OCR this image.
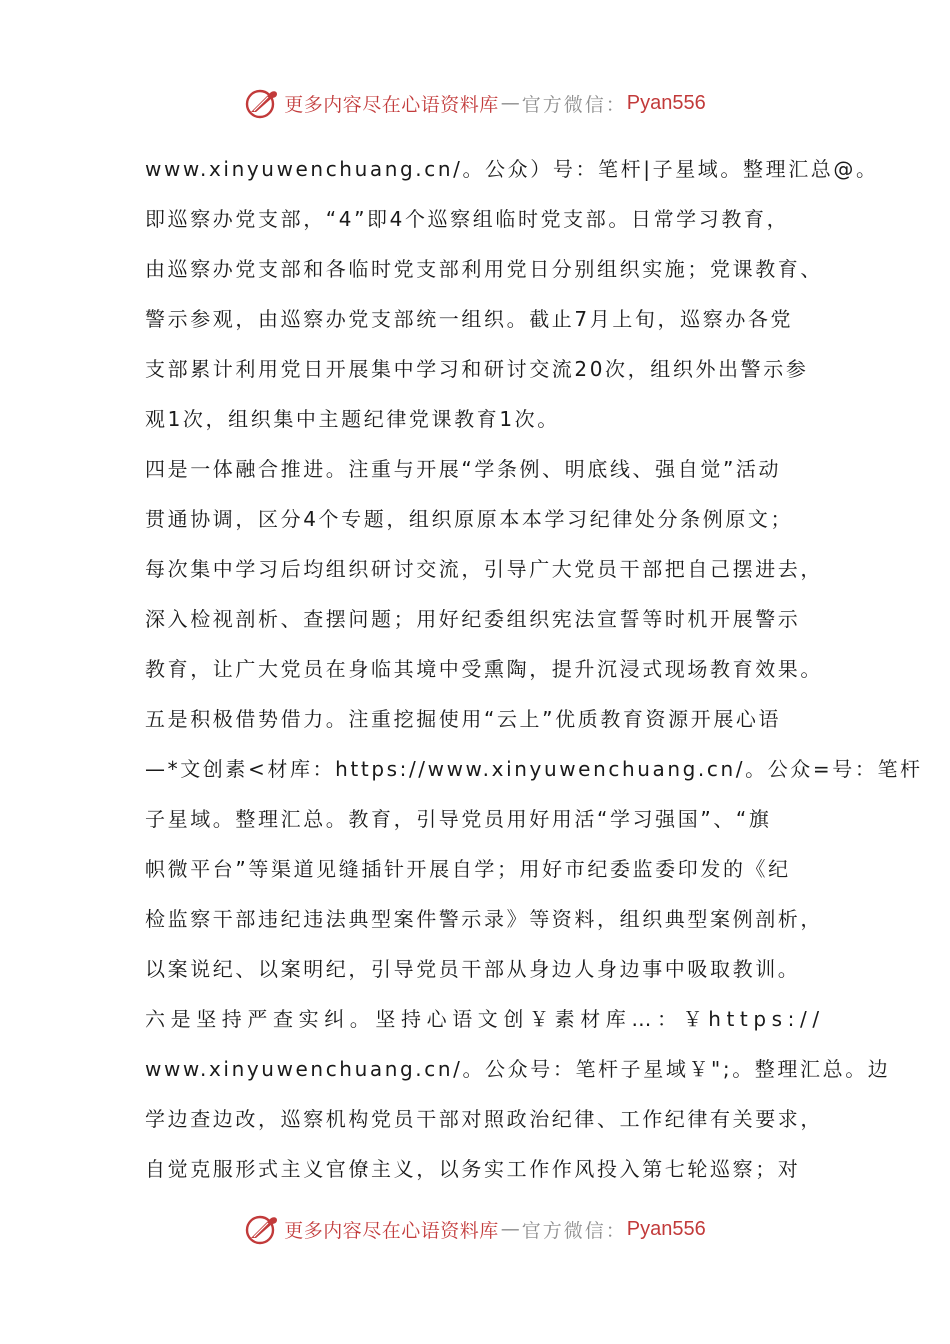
更多内容尽在心语资料库 — 官方微信： Pyan556
www.xinyuwenchuang.cn/。公众）号：笔杆|子星域。整理汇总@。
即巡察办党支部，“4”即4个巡察组临时党支部。日常学习教育，
由巡察办党支部和各临时党支部利用党日分别组织实施；党课教育、
警示参观，由巡察办党支部统一组织。截止7月上旬，巡察办各党
支部累计利用党日开展集中学习和研讨交流20次，组织外出警示参
观1次，组织集中主题纪律党课教育1次。
四是一体融合推进。注重与开展“学条例、明底线、强自觉”活动
贯通协调，区分4个专题，组织原原本本学习纪律处分条例原文；
每次集中学习后均组织研讨交流，引导广大党员干部把自己摆进去，
深入检视剖析、查摆问题；用好纪委组织宪法宣誓等时机开展警示
教育，让广大党员在身临其境中受熏陶，提升沉浸式现场教育效果。
五是积极借势借力。注重挖掘使用“云上”优质教育资源开展心语
—*文创素<材库：https://www.xinyuwenchuang.cn/。公众=号：笔杆
子星域。整理汇总。教育，引导党员用好用活“学习强国”、“旗
帜微平台”等渠道见缝插针开展自学；用好市纪委监委印发的《纪
检监察干部违纪违法典型案件警示录》等资料，组织典型案例剖析，
以案说纪、以案明纪，引导党员干部从身边人身边事中吸取教训。
六是坚持严查实纠。坚持心语文创￥素材库…：￥https://
www.xinyuwenchuang.cn/。公众号：笔杆子星域￥";。整理汇总。边
学边查边改，巡察机构党员干部对照政治纪律、工作纪律有关要求，
自觉克服形式主义官僚主义，以务实工作作风投入第七轮巡察；对
更多内容尽在心语资料库 — 官方微信： Pyan556
